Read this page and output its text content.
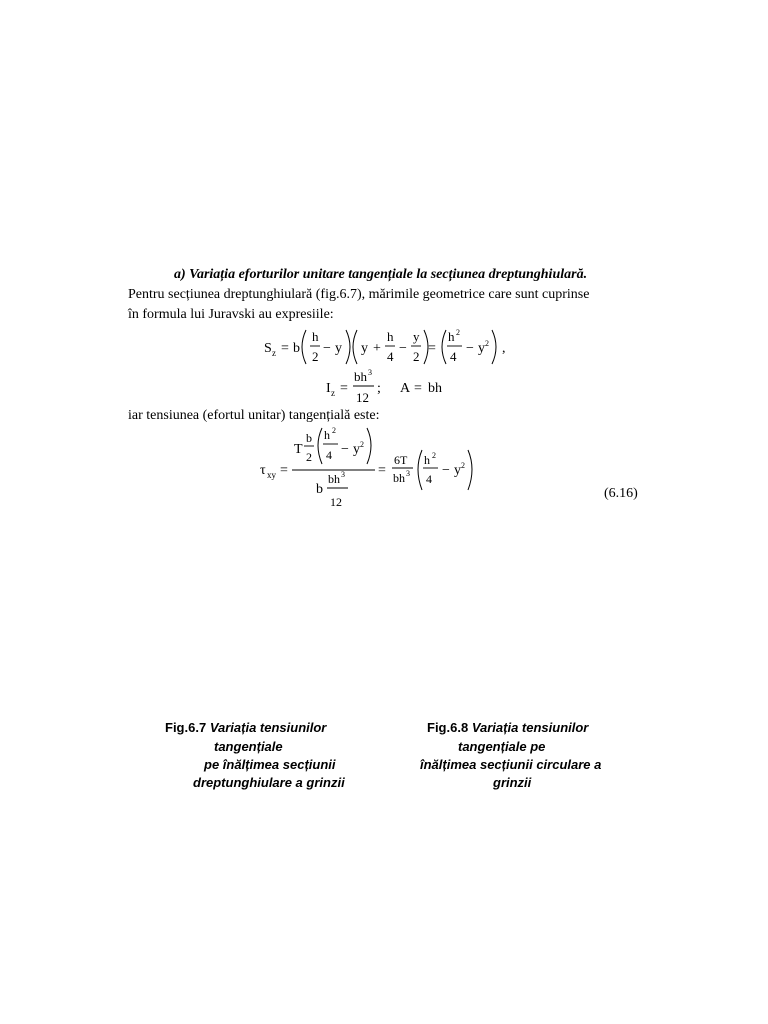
a) Variația eforturilor unitare tangențiale la secțiunea dreptunghiulară.
Pentru secțiunea dreptunghiulară (fig.6.7), mărimile geometrice care sunt cuprinse
în formula lui Juravski au expresiile:
S z = b
h
2
− y y +
h
4
−
y
2
=
h 2
4
− y 2 ,
I z =
bh 3
12
; A = bh
iar tensiunea (efortul unitar) tangențială este:
τ xy =
T
b
2
h 2
4 − y 2
b
bh 3
12
=
6T
bh 3
h 2
4
− y 2
(6.16)
Fig.6.7 Variația tensiunilor
tangențiale
pe înălțimea secțiunii
dreptunghiulare a grinzii
Fig.6.8 Variația tensiunilor
tangențiale pe
înălțimea secțiunii circulare a
grinzii
